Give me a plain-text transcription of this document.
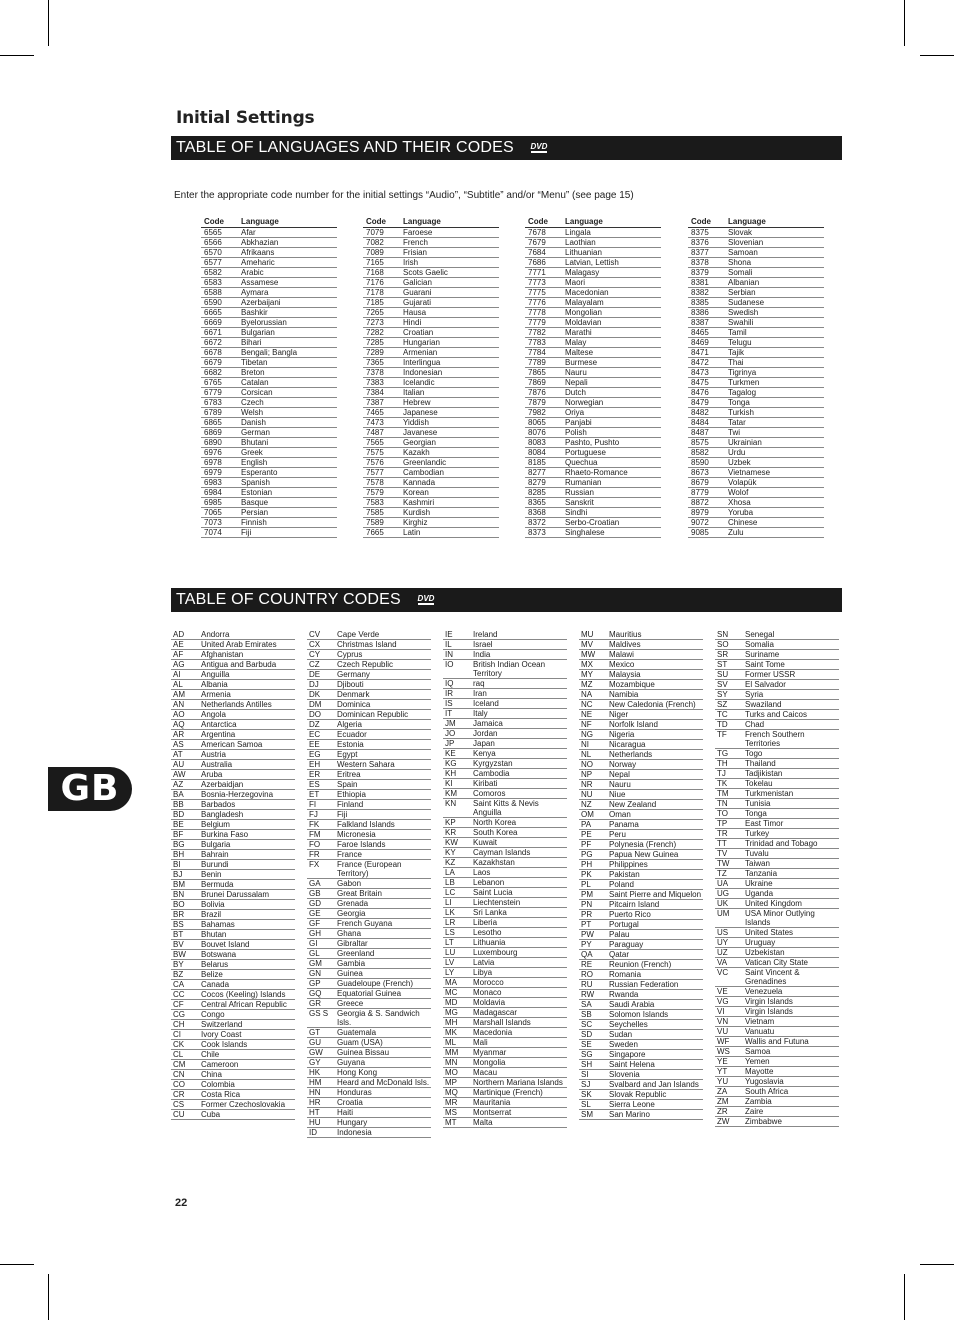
Initial Settings
TABLE OF LANGUAGES AND THEIR CODES DVD
Enter the appropriate code number for the initial settings “Audio”, “Subtitle” and/or “Menu” (see page 15)
Code	Language
6565	Afar
6566	Abkhazian
6570	Afrikaans
6577	Ameharic
6582	Arabic
6583	Assamese
6588	Aymara
6590	Azerbaijani
6665	Bashkir
6669	Byelorussian
6671	Bulgarian
6672	Bihari
6678	Bengali; Bangla
6679	Tibetan
6682	Breton
6765	Catalan
6779	Corsican
6783	Czech
6789	Welsh
6865	Danish
6869	German
6890	Bhutani
6976	Greek
6978	English
6979	Esperanto
6983	Spanish
6984	Estonian
6985	Basque
7065	Persian
7073	Finnish
7074	Fiji
Code	Language
7079	Faroese
7082	French
7089	Frisian
7165	Irish
7168	Scots Gaelic
7176	Galician
7178	Guarani
7185	Gujarati
7265	Hausa
7273	Hindi
7282	Croatian
7285	Hungarian
7289	Armenian
7365	Interlingua
7378	Indonesian
7383	Icelandic
7384	Italian
7387	Hebrew
7465	Japanese
7473	Yiddish
7487	Javanese
7565	Georgian
7575	Kazakh
7576	Greenlandic
7577	Cambodian
7578	Kannada
7579	Korean
7583	Kashmiri
7585	Kurdish
7589	Kirghiz
7665	Latin
Code	Language
7678	Lingala
7679	Laothian
7684	Lithuanian
7686	Latvian, Lettish
7771	Malagasy
7773	Maori
7775	Macedonian
7776	Malayalam
7778	Mongolian
7779	Moldavian
7782	Marathi
7783	Malay
7784	Maltese
7789	Burmese
7865	Nauru
7869	Nepali
7876	Dutch
7879	Norwegian
7982	Oriya
8065	Panjabi
8076	Polish
8083	Pashto, Pushto
8084	Portuguese
8185	Quechua
8277	Rhaeto-Romance
8279	Rumanian
8285	Russian
8365	Sanskrit
8368	Sindhi
8372	Serbo-Croatian
8373	Singhalese
Code	Language
8375	Slovak
8376	Slovenian
8377	Samoan
8378	Shona
8379	Somali
8381	Albanian
8382	Serbian
8385	Sudanese
8386	Swedish
8387	Swahili
8465	Tamil
8469	Telugu
8471	Tajik
8472	Thai
8473	Tigrinya
8475	Turkmen
8476	Tagalog
8479	Tonga
8482	Turkish
8484	Tatar
8487	Twi
8575	Ukrainian
8582	Urdu
8590	Uzbek
8673	Vietnamese
8679	Volapük
8779	Wolof
8872	Xhosa
8979	Yoruba
9072	Chinese
9085	Zulu
TABLE OF COUNTRY CODES DVD
AD	Andorra
AE	United Arab Emirates
AF	Afghanistan
AG	Antigua and Barbuda
AI	Anguilla
AL	Albania
AM	Armenia
AN	Netherlands Antilles
AO	Angola
AQ	Antarctica
AR	Argentina
AS	American Samoa
AT	Austria
AU	Australia
AW	Aruba
AZ	Azerbaidjan
BA	Bosnia-Herzegovina
BB	Barbados
BD	Bangladesh
BE	Belgium
BF	Burkina Faso
BG	Bulgaria
BH	Bahrain
BI	Burundi
BJ	Benin
BM	Bermuda
BN	Brunei Darussalam
BO	Bolivia
BR	Brazil
BS	Bahamas
BT	Bhutan
BV	Bouvet Island
BW	Botswana
BY	Belarus
BZ	Belize
CA	Canada
CC	Cocos (Keeling) Islands
CF	Central African Republic
CG	Congo
CH	Switzerland
CI	Ivory Coast
CK	Cook Islands
CL	Chile
CM	Cameroon
CN	China
CO	Colombia
CR	Costa Rica
CS	Former Czechoslovakia
CU	Cuba
CV	Cape Verde
CX	Christmas Island
CY	Cyprus
CZ	Czech Republic
DE	Germany
DJ	Djibouti
DK	Denmark
DM	Dominica
DO	Dominican Republic
DZ	Algeria
EC	Ecuador
EE	Estonia
EG	Egypt
EH	Western Sahara
ER	Eritrea
ES	Spain
ET	Ethiopia
FI	Finland
FJ	Fiji
FK	Falkland Islands
FM	Micronesia
FO	Faroe Islands
FR	France
FX	France (European Territory)
GA	Gabon
GB	Great Britain
GD	Grenada
GE	Georgia
GF	French Guyana
GH	Ghana
GI	Gibraltar
GL	Greenland
GM	Gambia
GN	Guinea
GP	Guadeloupe (French)
GQ	Equatorial Guinea
GR	Greece
GS S	Georgia & S. Sandwich Isls.
GT	Guatemala
GU	Guam (USA)
GW	Guinea Bissau
GY	Guyana
HK	Hong Kong
HM	Heard and McDonald Isls.
HN	Honduras
HR	Croatia
HT	Haiti
HU	Hungary
ID	Indonesia
IE	Ireland
IL	Israel
IN	India
IO	British Indian Ocean Territory
IQ	raq
IR	Iran
IS	Iceland
IT	Italy
JM	Jamaica
JO	Jordan
JP	Japan
KE	Kenya
KG	Kyrgyzstan
KH	Cambodia
KI	Kiribati
KM	Comoros
KN	Saint Kitts & Nevis Anguilla
KP	North Korea
KR	South Korea
KW	Kuwait
KY	Cayman Islands
KZ	Kazakhstan
LA	Laos
LB	Lebanon
LC	Saint Lucia
LI	Liechtenstein
LK	Sri Lanka
LR	Liberia
LS	Lesotho
LT	Lithuania
LU	Luxembourg
LV	Latvia
LY	Libya
MA	Morocco
MC	Monaco
MD	Moldavia
MG	Madagascar
MH	Marshall Islands
MK	Macedonia
ML	Mali
MM	Myanmar
MN	Mongolia
MO	Macau
MP	Northern Mariana Islands
MQ	Martinique (French)
MR	Mauritania
MS	Montserrat
MT	Malta
MU	Mauritius
MV	Maldives
MW	Malawi
MX	Mexico
MY	Malaysia
MZ	Mozambique
NA	Namibia
NC	New Caledonia (French)
NE	Niger
NF	Norfolk Island
NG	Nigeria
NI	Nicaragua
NL	Netherlands
NO	Norway
NP	Nepal
NR	Nauru
NU	Niue
NZ	New Zealand
OM	Oman
PA	Panama
PE	Peru
PF	Polynesia (French)
PG	Papua New Guinea
PH	Philippines
PK	Pakistan
PL	Poland
PM	Saint Pierre and Miquelon
PN	Pitcairn Island
PR	Puerto Rico
PT	Portugal
PW	Palau
PY	Paraguay
QA	Qatar
RE	Reunion (French)
RO	Romania
RU	Russian Federation
RW	Rwanda
SA	Saudi Arabia
SB	Solomon Islands
SC	Seychelles
SD	Sudan
SE	Sweden
SG	Singapore
SH	Saint Helena
SI	Slovenia
SJ	Svalbard and Jan Islands
SK	Slovak Republic
SL	Sierra Leone
SM	San Marino
SN	Senegal
SO	Somalia
SR	Suriname
ST	Saint Tome
SU	Former USSR
SV	El Salvador
SY	Syria
SZ	Swaziland
TC	Turks and Caicos
TD	Chad
TF	French Southern Territories
TG	Togo
TH	Thailand
TJ	Tadjikistan
TK	Tokelau
TM	Turkmenistan
TN	Tunisia
TO	Tonga
TP	East Timor
TR	Turkey
TT	Trinidad and Tobago
TV	Tuvalu
TW	Taiwan
TZ	Tanzania
UA	Ukraine
UG	Uganda
UK	United Kingdom
UM	USA Minor Outlying Islands
US	United States
UY	Uruguay
UZ	Uzbekistan
VA	Vatican City State
VC	Saint Vincent & Grenadines
VE	Venezuela
VG	Virgin Islands
VI	Virgin Islands
VN	Vietnam
VU	Vanuatu
WF	Wallis and Futuna
WS	Samoa
YE	Yemen
YT	Mayotte
YU	Yugoslavia
ZA	South Africa
ZM	Zambia
ZR	Zaire
ZW	Zimbabwe
GB
22
